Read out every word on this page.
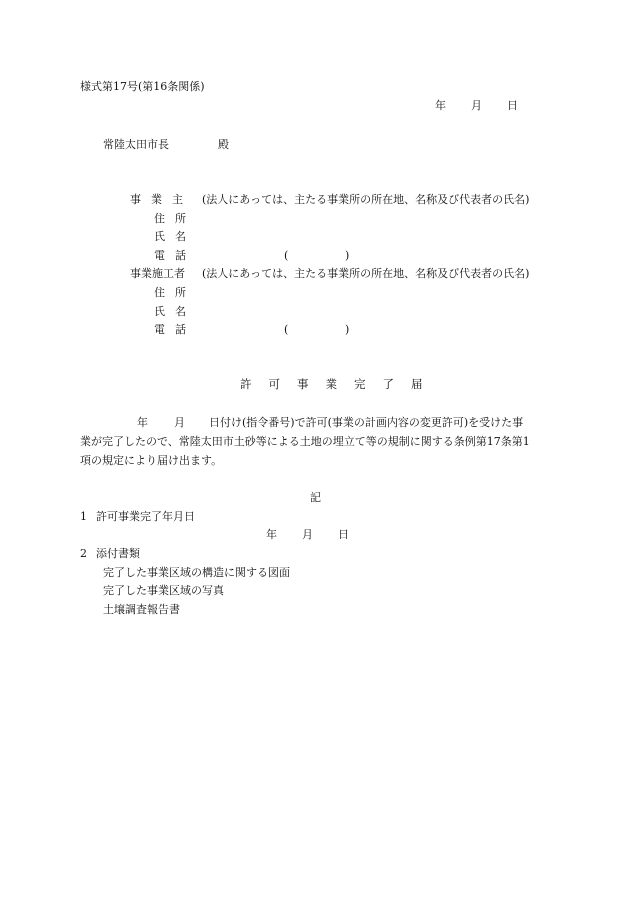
様式第17号(第16条関係)
年 月 日
常陸太田市長	殿
事業主 (法人にあっては、主たる事業所の所在地、名称及び代表者の氏名)
住所
氏名
電話	(	)
事業施工者 (法人にあっては、主たる事業所の所在地、名称及び代表者の氏名)
住所
氏名
電話	(	)
許可事業完了届
年 月 日付け(指令番号)で許可(事業の計画内容の変更許可)を受けた事
業が完了したので、常陸太田市土砂等による土地の埋立て等の規制に関する条例第17条第1
項の規定により届け出ます。
記
1 許可事業完了年月日
年 月 日
2 添付書類
完了した事業区域の構造に関する図面
完了した事業区域の写真
土壌調査報告書
